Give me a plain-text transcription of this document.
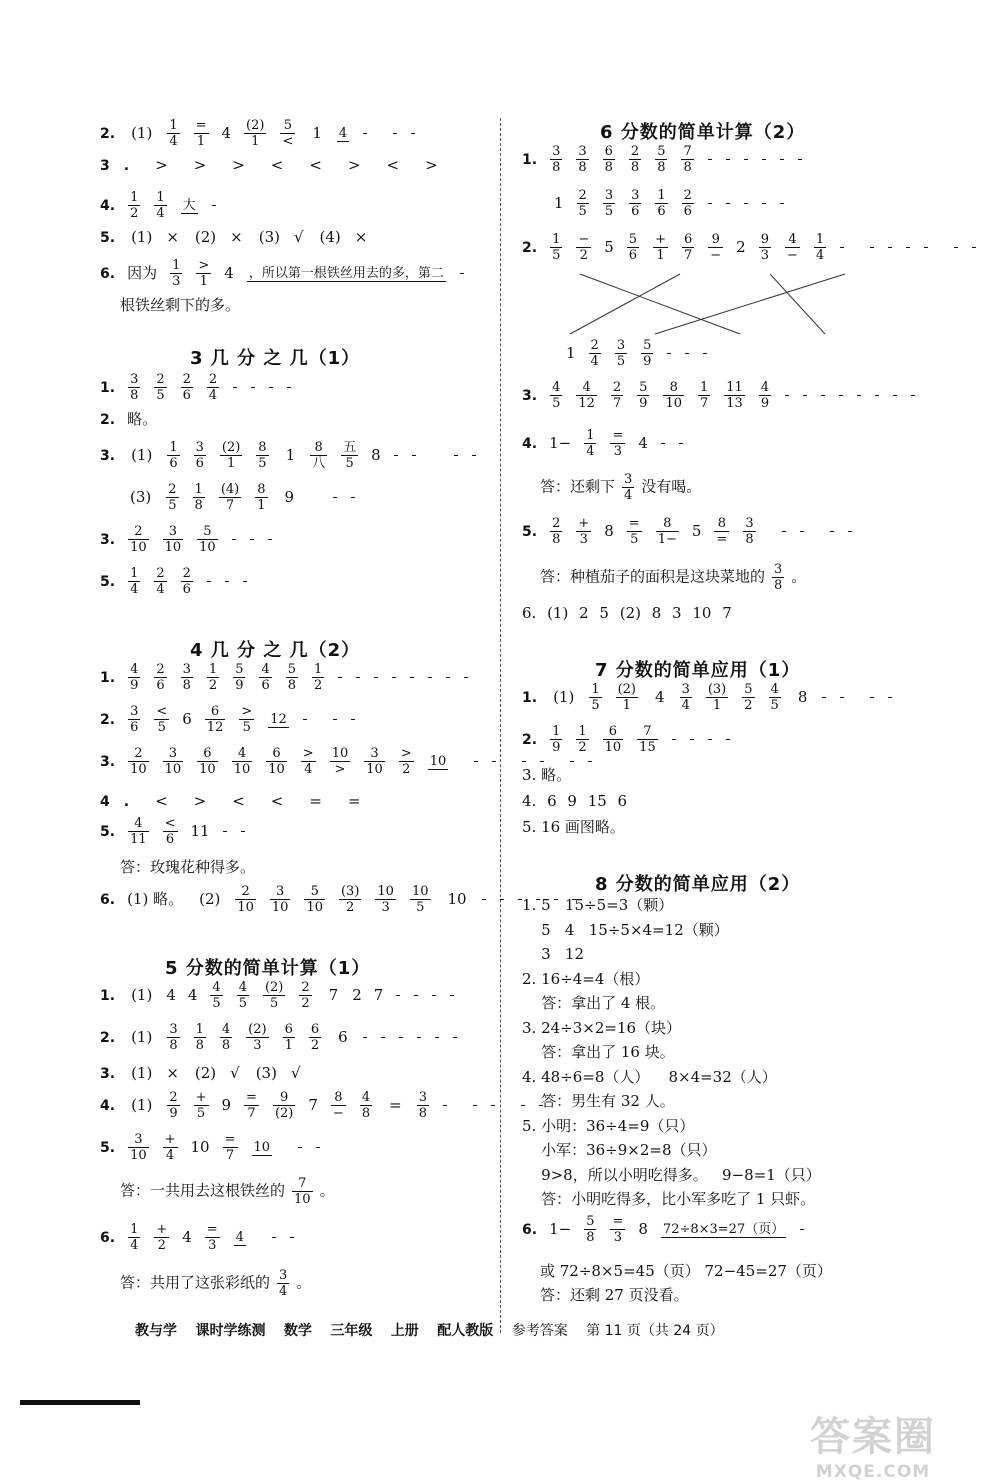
2. $(1) \frac{1}{4} \frac{=}{1} 4 \frac{(2)}{1} \frac{5}{<} 1$ 4
3. > > > < < > < >
4. $\frac{1}{2} \frac{1}{4}$ 大
5. (1) × (2) × (3) √ (4) ×
6. 因为 $\frac{1}{3} \frac{>}{1} 4$ ，所以第一根铁丝用去的多，第二
根铁丝剩下的多。
3 几 分 之 几（1）
1. $\frac{3}{8} \frac{2}{5} \frac{2}{6} \frac{2}{4}$
2. 略。
3. $(1) \frac{1}{6} \frac{3}{6} \frac{(2)}{1} \frac{8}{5} 1 \frac{8}{\text{八}} \frac{\text{五}}{5} 8$
$(3) \frac{2}{5} \frac{1}{8} \frac{(4)}{7} \frac{8}{1} 9$
3. $\frac{2}{10} \frac{3}{10} \frac{5}{10}$
5. $\frac{1}{4} \frac{2}{4} \frac{2}{6}$
4 几 分 之 几（2）
1. $\frac{4}{9} \frac{2}{6} \frac{3}{8} \frac{1}{2} \frac{5}{9} \frac{4}{6} \frac{5}{8} \frac{1}{2}$
2. $\frac{3}{6} \frac{<}{5} 6 \frac{6}{12} \frac{>}{5} 12$
3. $\frac{2}{10} \frac{3}{10} \frac{6}{10} \frac{4}{10} \frac{6}{10} \frac{>}{4} \frac{10}{>} \frac{3}{10} \frac{>}{2} 10$
4. < > < < = =
5. $\frac{4}{11} \frac{<}{6} 11$
答：玫瑰花种得多。
6. (1) 略。 $(2) \frac{2}{10} \frac{3}{10} \frac{5}{10} \frac{(3)}{2} \frac{10}{3} \frac{10}{5} 10$
5 分数的简单计算（1）
1. (1) 4 $4 \frac{4}{5} \frac{4}{5} \frac{(2)}{5} \frac{2}{2} 7$ 2 7
2. $(1) \frac{3}{8} \frac{1}{8} \frac{4}{8} \frac{(2)}{3} \frac{6}{1} \frac{6}{2} 6$
3. (1) × (2) √ (3) √
4. $(1) \frac{2}{9} \frac{+}{5} 9 \frac{=}{7} \frac{9}{(2)} 7 \frac{8}{-} \frac{4}{8} = \frac{3}{8}$
5. $\frac{3}{10} \frac{+}{4} 10 \frac{=}{7} 10$
答：一共用去这根铁丝的 $\frac{7}{10}$ 。
6. $\frac{1}{4} \frac{+}{2} 4 \frac{=}{3} 4$
答：共用了这张彩纸的 $\frac{3}{4}$ 。
6 分数的简单计算（2）
1. $\frac{3}{8} \frac{3}{8} \frac{6}{8} \frac{2}{8} \frac{5}{8} \frac{7}{8}$
$1 \frac{2}{5} \frac{3}{5} \frac{3}{6} \frac{1}{6} \frac{2}{6}$
2. $\frac{1}{5} \frac{-}{2} 5 \frac{5}{6} \frac{+}{1} \frac{6}{7} \frac{9}{-} 2 \frac{9}{3} \frac{4}{-} \frac{1}{4}$
$1 \frac{2}{4} \frac{3}{5} \frac{5}{9}$
3. $\frac{4}{5} \frac{4}{12} \frac{2}{7} \frac{5}{9} \frac{8}{10} \frac{1}{7} \frac{11}{13} \frac{4}{9}$
4. $1- \frac{1}{4} \frac{=}{3} 4$
答：还剩下 $\frac{3}{4}$ 没有喝。
5. $\frac{2}{8} \frac{+}{3} 8 \frac{=}{5} \frac{8}{1-} 5 \frac{8}{=} \frac{3}{8}$
答：种植茄子的面积是这块菜地的 $\frac{3}{8}$ 。
6. (1) 2 5 (2) 8 3 10 7
7 分数的简单应用（1）
1. $(1) \frac{1}{5} \frac{(2)}{1} 4 \frac{3}{4} \frac{(3)}{1} \frac{5}{2} \frac{4}{5} 8$
2. $\frac{1}{9} \frac{1}{2} \frac{6}{10} \frac{7}{15}$
3. 略。
4. 6 9 15 6
5. 16 画图略。
8 分数的简单应用（2）
1. 5   15÷5=3（颗）
5   4   15÷5×4=12（颗）
3   12
2. 16÷4=4（根）
答：拿出了 4 根。
3. 24÷3×2=16（块）
答：拿出了 16 块。
4. 48÷6=8（人）    8×4=32（人）
答：男生有 32 人。
5. 小明：36÷4=9（只）
小军：36÷9×2=8（只）
9>8，所以小明吃得多。   9−8=1（只）
答：小明吃得多，比小军多吃了 1 只虾。
6. $1- \frac{5}{8} \frac{=}{3} 8$ 72÷8×3=27（页）
或 72÷8×5=45（页） 72−45=27（页）
答：还剩 27 页没看。
教与学 课时学练测 数学 三年级 上册 配人教版 参考答案 第 11 页（共 24 页）
答案圈
MXQE.COM
